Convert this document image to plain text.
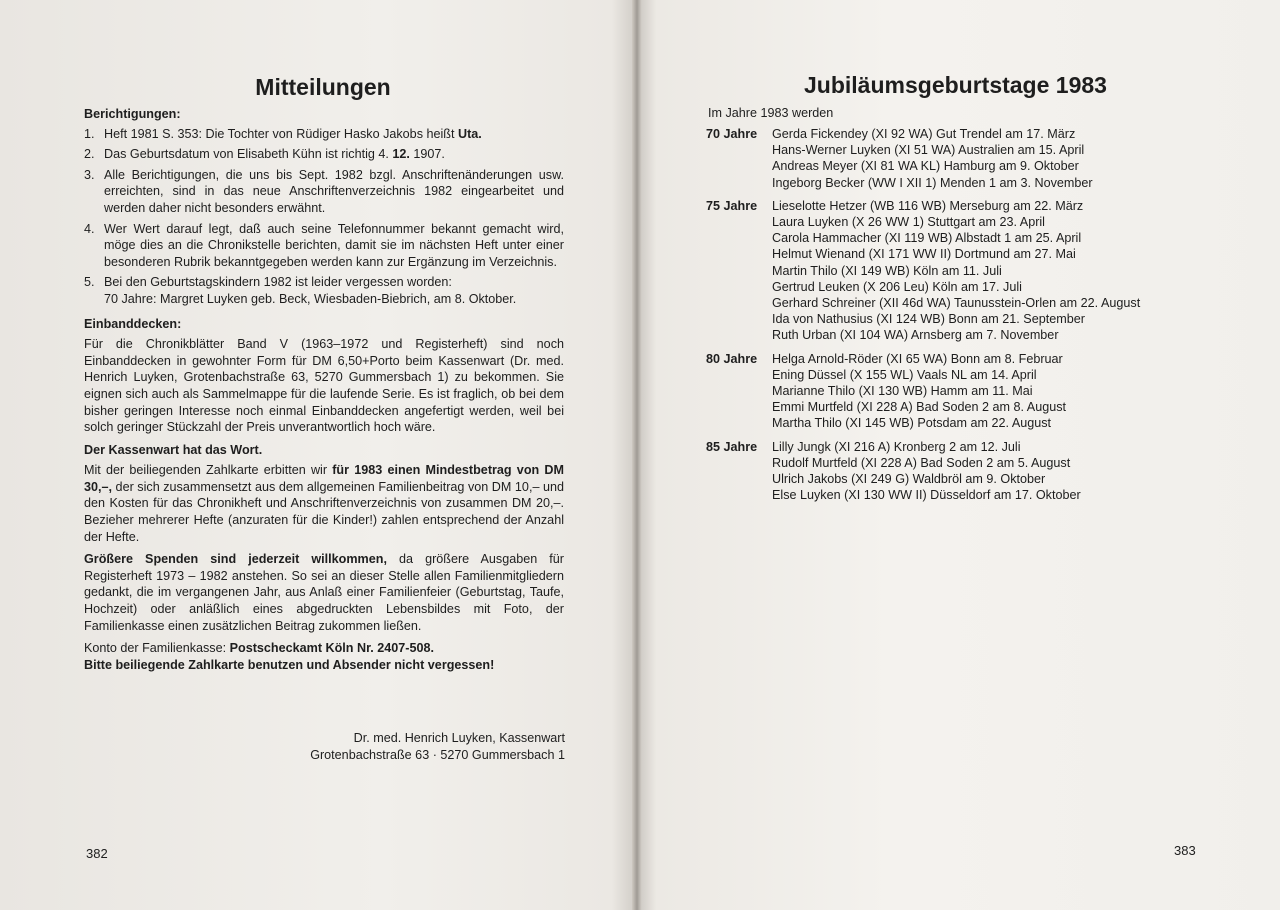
Mitteilungen

Berichtigungen:

1. Heft 1981 S. 353: Die Tochter von Rüdiger Hasko Jakobs heißt Uta.
2. Das Geburtsdatum von Elisabeth Kühn ist richtig 4. 12. 1907.
3. Alle Berichtigungen, die uns bis Sept. 1982 bzgl. Anschriftenänderungen usw. erreichten, sind in das neue Anschriftenverzeichnis 1982 eingearbeitet und werden daher nicht besonders erwähnt.
4. Wer Wert darauf legt, daß auch seine Telefonnummer bekannt gemacht wird, möge dies an die Chronikstelle berichten, damit sie im nächsten Heft unter einer besonderen Rubrik bekanntgegeben werden kann zur Ergänzung im Verzeichnis.
5. Bei den Geburtstagskindern 1982 ist leider vergessen worden:
70 Jahre: Margret Luyken geb. Beck, Wiesbaden-Biebrich, am 8. Oktober.

Einbanddecken:

Für die Chronikblätter Band V (1963–1972 und Registerheft) sind noch Einbanddecken in gewohnter Form für DM 6,50+Porto beim Kassenwart (Dr. med. Henrich Luyken, Grotenbachstraße 63, 5270 Gummersbach 1) zu bekommen. Sie eignen sich auch als Sammelmappe für die laufende Serie. Es ist fraglich, ob bei dem bisher geringen Interesse noch einmal Einbanddecken angefertigt werden, weil bei solch geringer Stückzahl der Preis unverantwortlich hoch wäre.

Der Kassenwart hat das Wort.

Mit der beiliegenden Zahlkarte erbitten wir für 1983 einen Mindestbetrag von DM 30,–, der sich zusammensetzt aus dem allgemeinen Familienbeitrag von DM 10,– und den Kosten für das Chronikheft und Anschriftenverzeichnis von zusammen DM 20,–. Bezieher mehrerer Hefte (anzuraten für die Kinder!) zahlen entsprechend der Anzahl der Hefte.

Größere Spenden sind jederzeit willkommen, da größere Ausgaben für Registerheft 1973 – 1982 anstehen. So sei an dieser Stelle allen Familienmitgliedern gedankt, die im vergangenen Jahr, aus Anlaß einer Familienfeier (Geburtstag, Taufe, Hochzeit) oder anläßlich eines abgedruckten Lebensbildes mit Foto, der Familienkasse einen zusätzlichen Beitrag zukommen ließen.

Konto der Familienkasse: Postscheckamt Köln Nr. 2407-508.
Bitte beiliegende Zahlkarte benutzen und Absender nicht vergessen!

Dr. med. Henrich Luyken, Kassenwart
Grotenbachstraße 63 · 5270 Gummersbach 1
382
Jubiläumsgeburtstage 1983
Im Jahre 1983 werden
70 Jahre	Gerda Fickendey (XI 92 WA) Gut Trendel am 17. März
Hans-Werner Luyken (XI 51 WA) Australien am 15. April
Andreas Meyer (XI 81 WA KL) Hamburg am 9. Oktober
Ingeborg Becker (WW I XII 1) Menden 1 am 3. November
75 Jahre	Lieselotte Hetzer (WB 116 WB) Merseburg am 22. März
Laura Luyken (X 26 WW 1) Stuttgart am 23. April
Carola Hammacher (XI 119 WB) Albstadt 1 am 25. April
Helmut Wienand (XI 171 WW II) Dortmund am 27. Mai
Martin Thilo (XI 149 WB) Köln am 11. Juli
Gertrud Leuken (X 206 Leu) Köln am 17. Juli
Gerhard Schreiner (XII 46d WA) Taunusstein-Orlen am 22. August
Ida von Nathusius (XI 124 WB) Bonn am 21. September
Ruth Urban (XI 104 WA) Arnsberg am 7. November
80 Jahre	Helga Arnold-Röder (XI 65 WA) Bonn am 8. Februar
Ening Düssel (X 155 WL) Vaals NL am 14. April
Marianne Thilo (XI 130 WB) Hamm am 11. Mai
Emmi Murtfeld (XI 228 A) Bad Soden 2 am 8. August
Martha Thilo (XI 145 WB) Potsdam am 22. August
85 Jahre	Lilly Jungk (XI 216 A) Kronberg 2 am 12. Juli
Rudolf Murtfeld (XI 228 A) Bad Soden 2 am 5. August
Ulrich Jakobs (XI 249 G) Waldbröl am 9. Oktober
Else Luyken (XI 130 WW II) Düsseldorf am 17. Oktober
383
